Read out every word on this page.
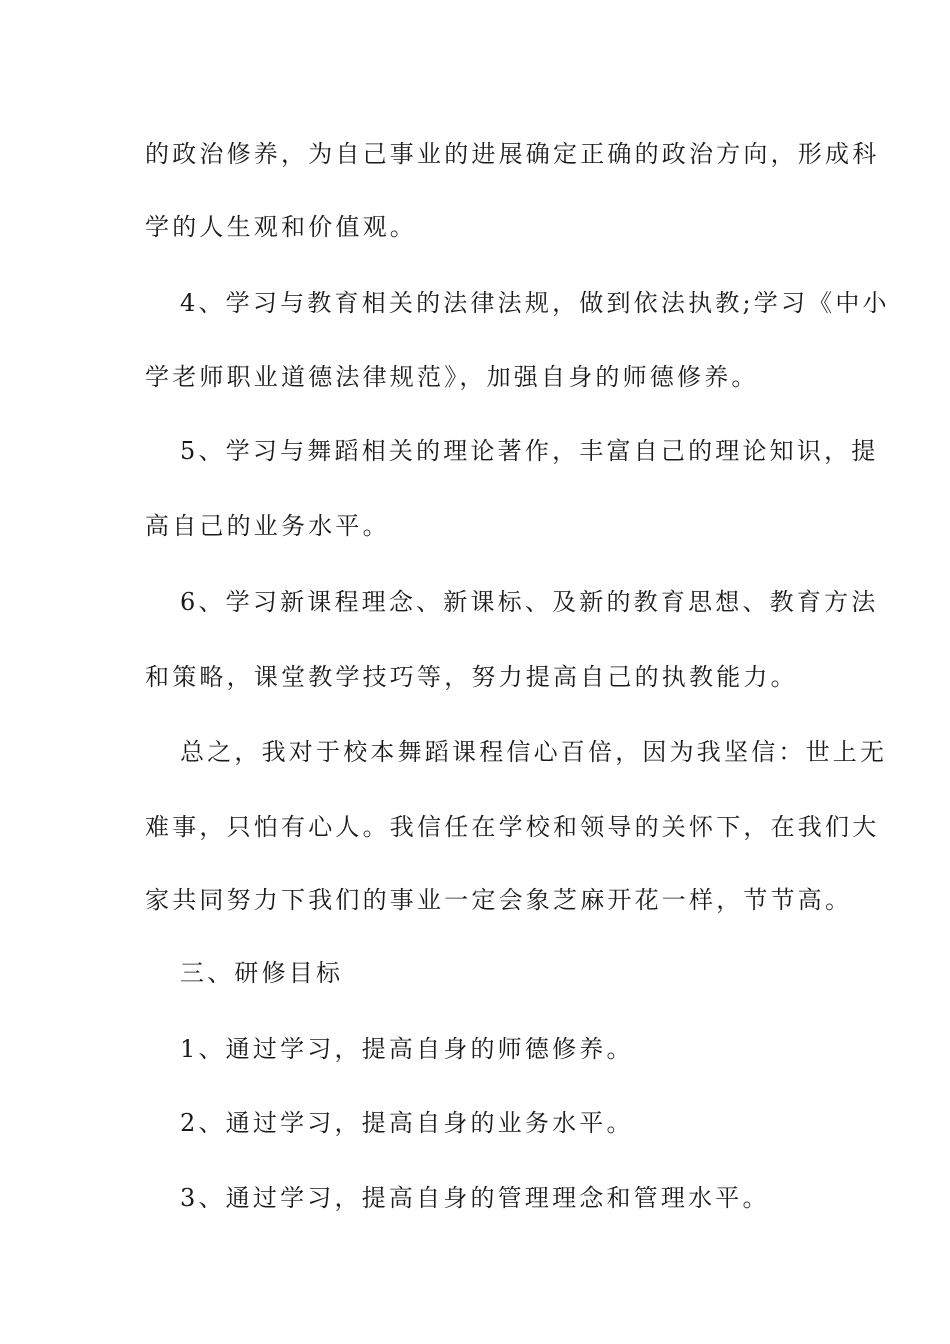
的政治修养，为自己事业的进展确定正确的政治方向，形成科
学的人生观和价值观。
4、学习与教育相关的法律法规，做到依法执教;学习《中小
学老师职业道德法律规范》，加强自身的师德修养。
5、学习与舞蹈相关的理论著作，丰富自己的理论知识，提
高自己的业务水平。
6、学习新课程理念、新课标、及新的教育思想、教育方法
和策略，课堂教学技巧等，努力提高自己的执教能力。
总之，我对于校本舞蹈课程信心百倍，因为我坚信：世上无
难事，只怕有心人。我信任在学校和领导的关怀下，在我们大
家共同努力下我们的事业一定会象芝麻开花一样，节节高。
三、研修目标
1、通过学习，提高自身的师德修养。
2、通过学习，提高自身的业务水平。
3、通过学习，提高自身的管理理念和管理水平。
